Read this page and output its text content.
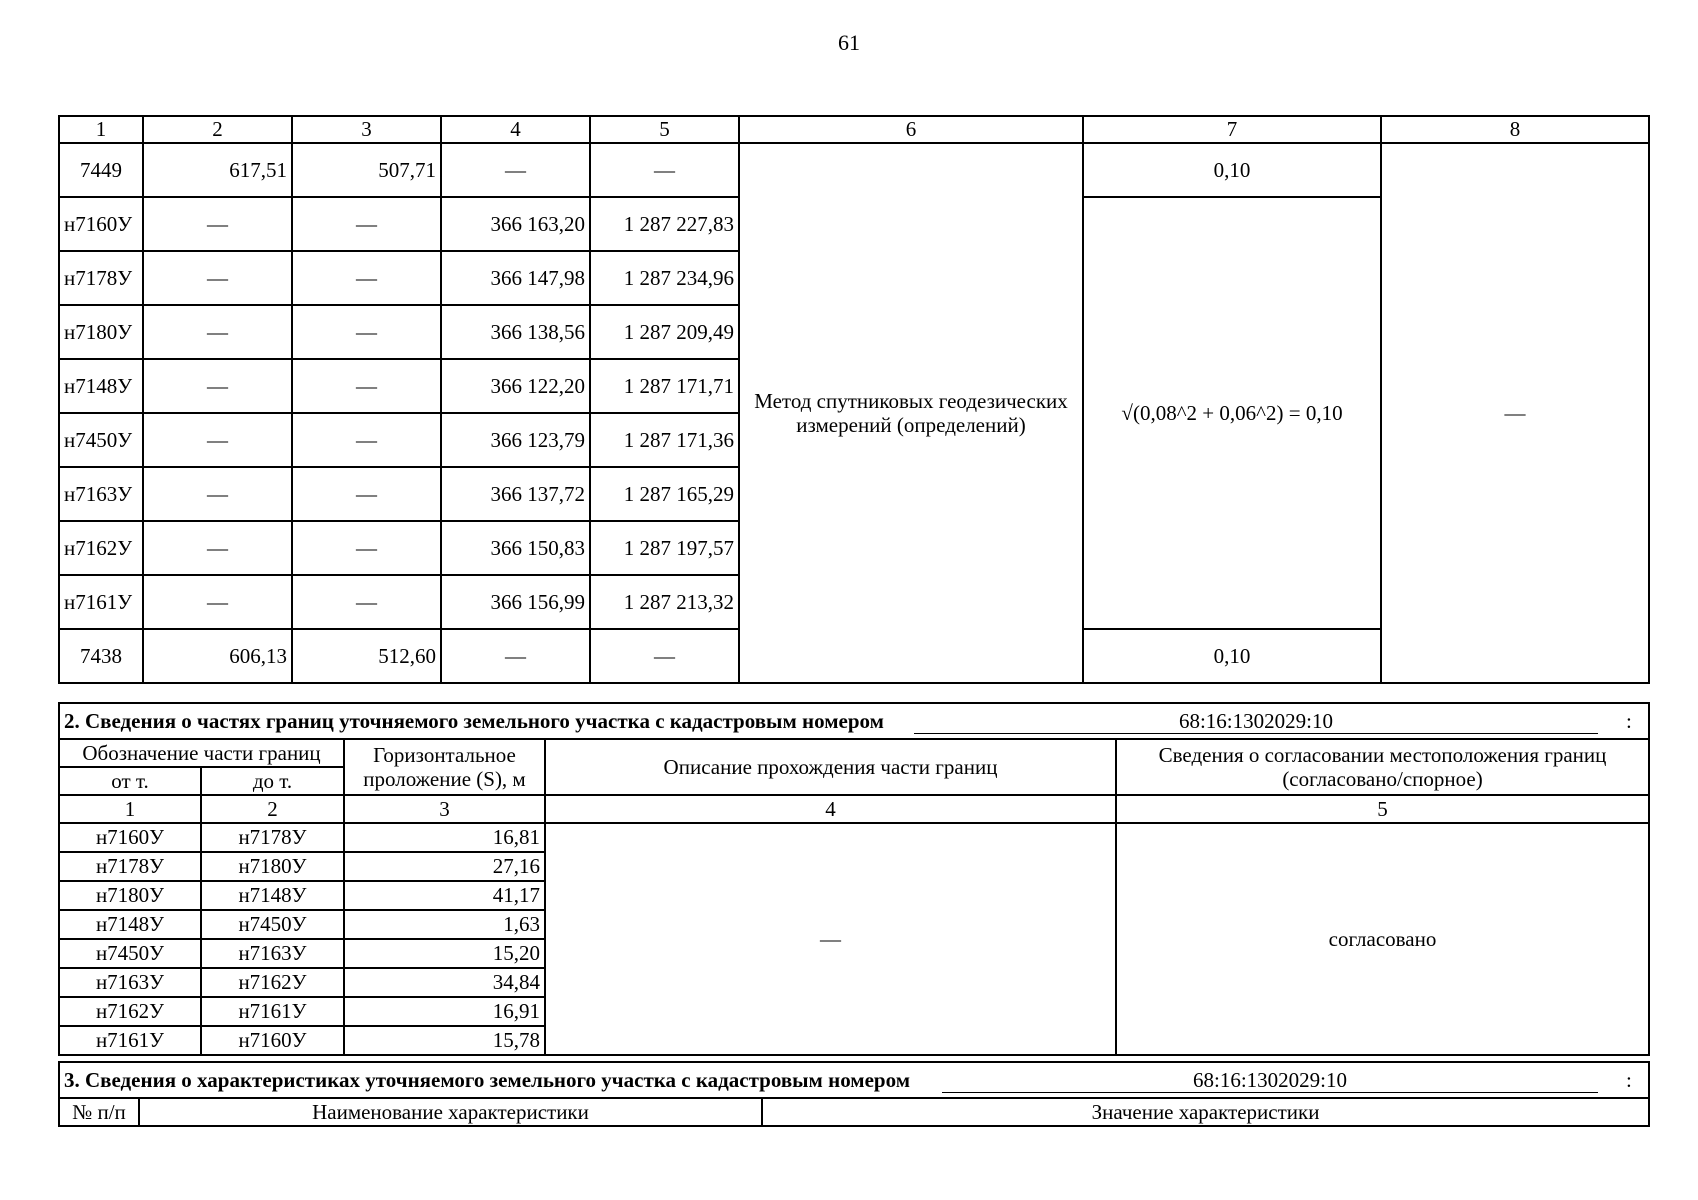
61
1	2	3	4	5	6	7	8
7449	617,51	507,71	—	—	Метод спутниковых геодезических измерений (определений)	0,10	—
н7160У	—	—	366 163,20	1 287 227,83		√(0,08^2 + 0,06^2) = 0,10	
н7178У	—	—	366 147,98	1 287 234,96			
н7180У	—	—	366 138,56	1 287 209,49			
н7148У	—	—	366 122,20	1 287 171,71			
н7450У	—	—	366 123,79	1 287 171,36			
н7163У	—	—	366 137,72	1 287 165,29			
н7162У	—	—	366 150,83	1 287 197,57			
н7161У	—	—	366 156,99	1 287 213,32			
7438	606,13	512,60	—	—		0,10	
2. Сведения о частях границ уточняемого земельного участка с кадастровым номером 68:16:1302029:10 :				

Обозначение части границ		Горизонтальное проложение (S), м	Описание прохождения части границ	Сведения о согласовании местоположения границ (согласовано/спорное)
от т.	до т.			
1	2	3	4	5
н7160У	н7178У	16,81	—	согласовано
н7178У	н7180У	27,16		
н7180У	н7148У	41,17		
н7148У	н7450У	1,63		
н7450У	н7163У	15,20		
н7163У	н7162У	34,84		
н7162У	н7161У	16,91		
н7161У	н7160У	15,78		
3. Сведения о характеристиках уточняемого земельного участка с кадастровым номером	68:16:1302029:10	:

№ п/п	Наименование характеристики	Значение характеристики
